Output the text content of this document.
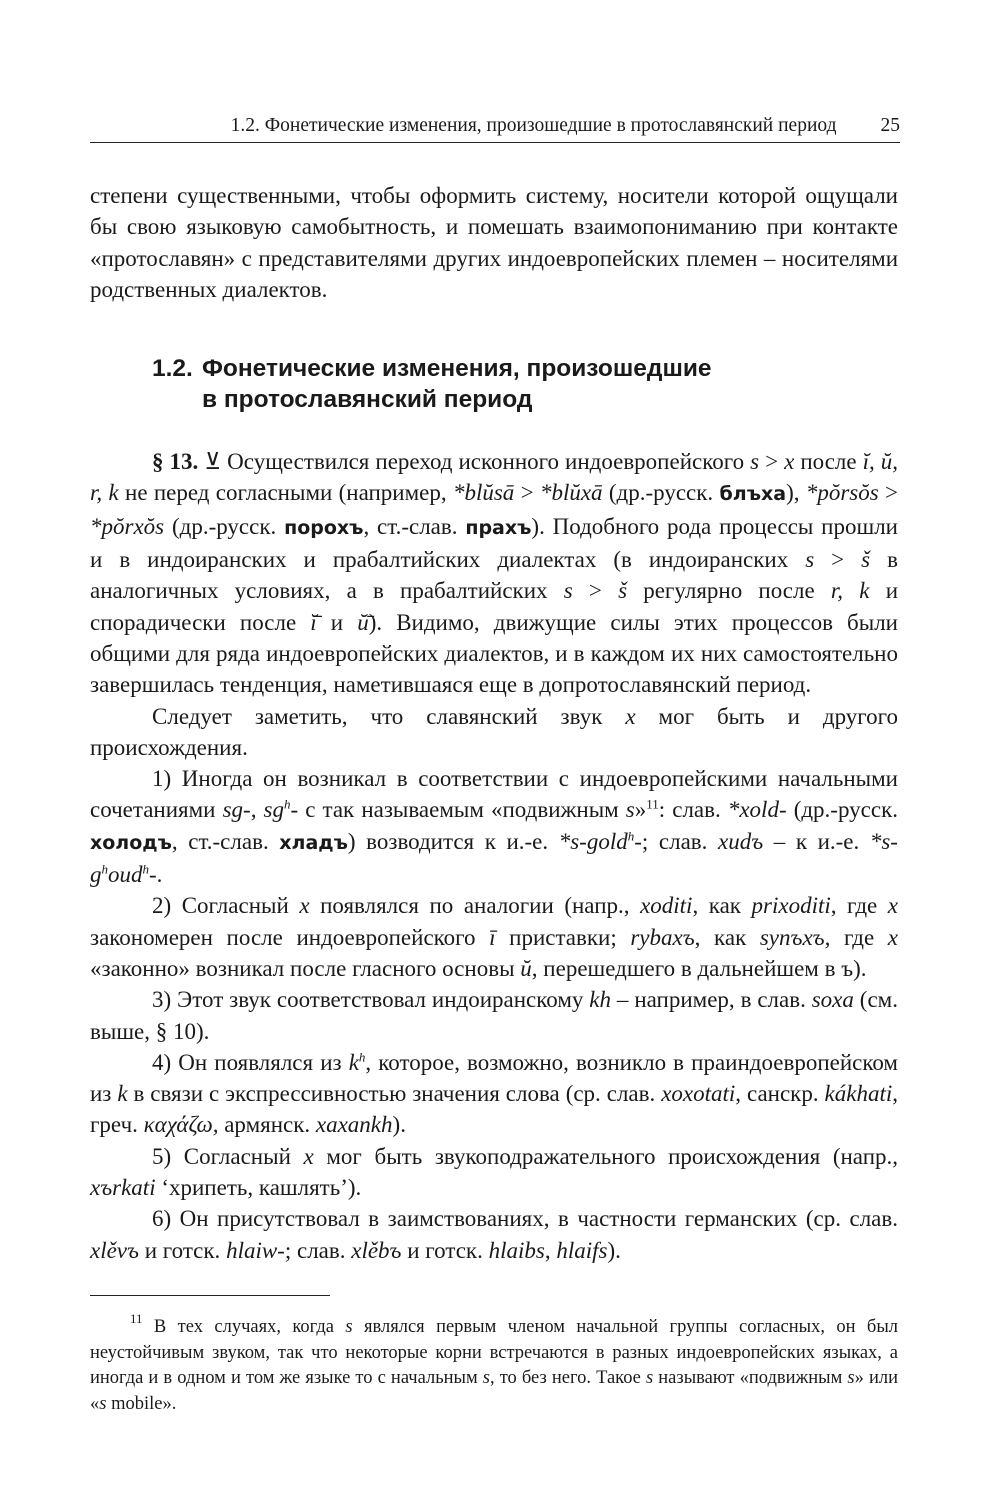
1.2. Фонетические изменения, произошедшие в протославянский период 25

степени существенными, чтобы оформить систему, носители которой ощущали бы свою языковую самобытность, и помешать взаимопониманию при контакте «протославян» с представителями других индоевропейских племен – носителями родственных диалектов.

1.2. Фонетические изменения, произошедшие
в протославянский период

§ 13. ⊻ Осуществился переход исконного индоевропейского s > x после ĭ, ŭ, r, k не перед согласными (например, *blŭsā > *blŭxā (др.-русск. блъха), *pŏrsŏs > *pŏrxŏs (др.-русск. порохъ, ст.-слав. прахъ). Подобного рода процессы прошли и в индоиранских и прабалтийских диалектах (в индоиранских s > š в аналогичных условиях, а в прабалтийских s > š регулярно после r, k и спорадически после ĭ̄ и ŭ̄). Видимо, движущие силы этих процессов были общими для ряда индоевропейских диалектов, и в каждом их них самостоятельно завершилась тенденция, наметившаяся еще в допротославянский период.

Следует заметить, что славянский звук x мог быть и другого происхождения.

1) Иногда он возникал в соответствии с индоевропейскими начальными сочетаниями sg-, $sg^h-$ с так называемым «подвижным s»$^{11}$: слав. *xold- (др.-русск. холодъ, ст.-слав. хладъ) возводится к и.-е. *s-gold$^h$-; слав. xudъ – к и.-е. $*s-g^houd^h-$.

2) Согласный x появлялся по аналогии (напр., xoditi, как prixoditi, где x закономерен после индоевропейского ī приставки; rybaxъ, как synъxъ, где x «законно» возникал после гласного основы ŭ, перешедшего в дальнейшем в ъ).

3) Этот звук соответствовал индоиранскому kh – например, в слав. soxa (см. выше, § 10).

4) Он появлялся из $k^h$, которое, возможно, возникло в праиндоевропейском из k в связи с экспрессивностью значения слова (ср. слав. xoxotati, санскр. kákhati, греч. καχάζω, армянск. xaxankh).

5) Согласный x мог быть звукоподражательного происхождения (напр., xъrkati ‘хрипеть, кашлять’).

6) Он присутствовал в заимствованиях, в частности германских (ср. слав. xlěvъ и готск. hlaiw-; слав. xlěbъ и готск. hlaibs, hlaifs).

$^{11}$ В тех случаях, когда s являлся первым членом начальной группы согласных, он был неустойчивым звуком, так что некоторые корни встречаются в разных индоевропейских языках, а иногда и в одном и том же языке то с начальным s, то без него. Такое s называют «подвижным s» или «s mobile».
